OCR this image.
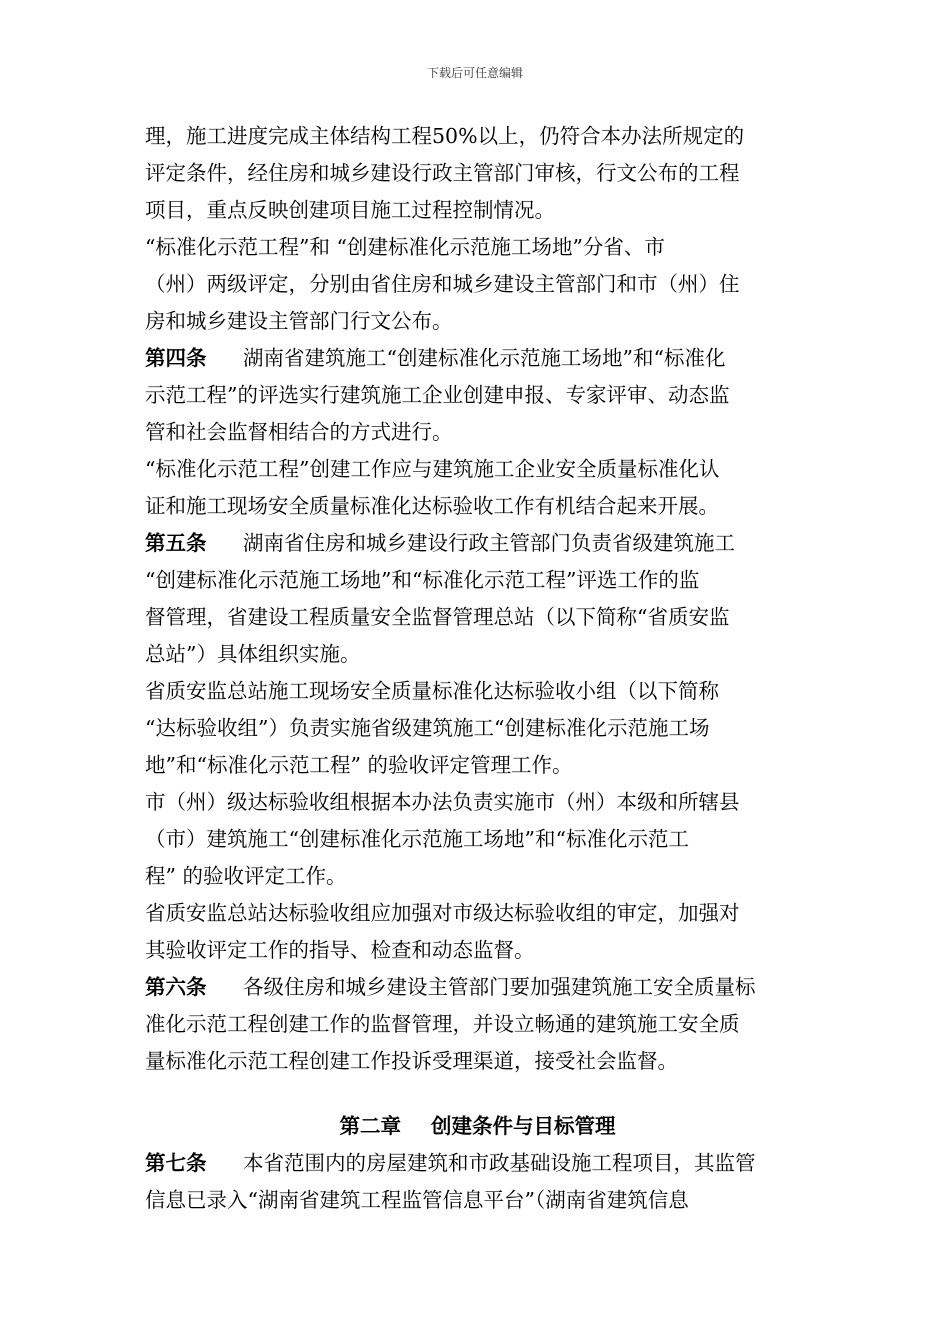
下载后可任意编辑
理，施工进度完成主体结构工程50%以上，仍符合本办法所规定的
评定条件，经住房和城乡建设行政主管部门审核，行文公布的工程
项目，重点反映创建项目施工过程控制情况。
“标准化示范工程”和 “创建标准化示范施工场地”分省、市
（州）两级评定，分别由省住房和城乡建设主管部门和市（州）住
房和城乡建设主管部门行文公布。
第四条 湖南省建筑施工“创建标准化示范施工场地”和“标准化
示范工程”的评选实行建筑施工企业创建申报、专家评审、动态监
管和社会监督相结合的方式进行。
“标准化示范工程”创建工作应与建筑施工企业安全质量标准化认
证和施工现场安全质量标准化达标验收工作有机结合起来开展。
第五条 湖南省住房和城乡建设行政主管部门负责省级建筑施工
“创建标准化示范施工场地”和“标准化示范工程”评选工作的监
督管理，省建设工程质量安全监督管理总站（以下简称“省质安监
总站”）具体组织实施。
省质安监总站施工现场安全质量标准化达标验收小组（以下简称
“达标验收组”）负责实施省级建筑施工“创建标准化示范施工场
地”和“标准化示范工程” 的验收评定管理工作。
市（州）级达标验收组根据本办法负责实施市（州）本级和所辖县
（市）建筑施工“创建标准化示范施工场地”和“标准化示范工
程” 的验收评定工作。
省质安监总站达标验收组应加强对市级达标验收组的审定，加强对
其验收评定工作的指导、检查和动态监督。
第六条 各级住房和城乡建设主管部门要加强建筑施工安全质量标
准化示范工程创建工作的监督管理，并设立畅通的建筑施工安全质
量标准化示范工程创建工作投诉受理渠道，接受社会监督。
第二章 创建条件与目标管理
第七条 本省范围内的房屋建筑和市政基础设施工程项目，其监管
信息已录入“湖南省建筑工程监管信息平台”（湖南省建筑信息
